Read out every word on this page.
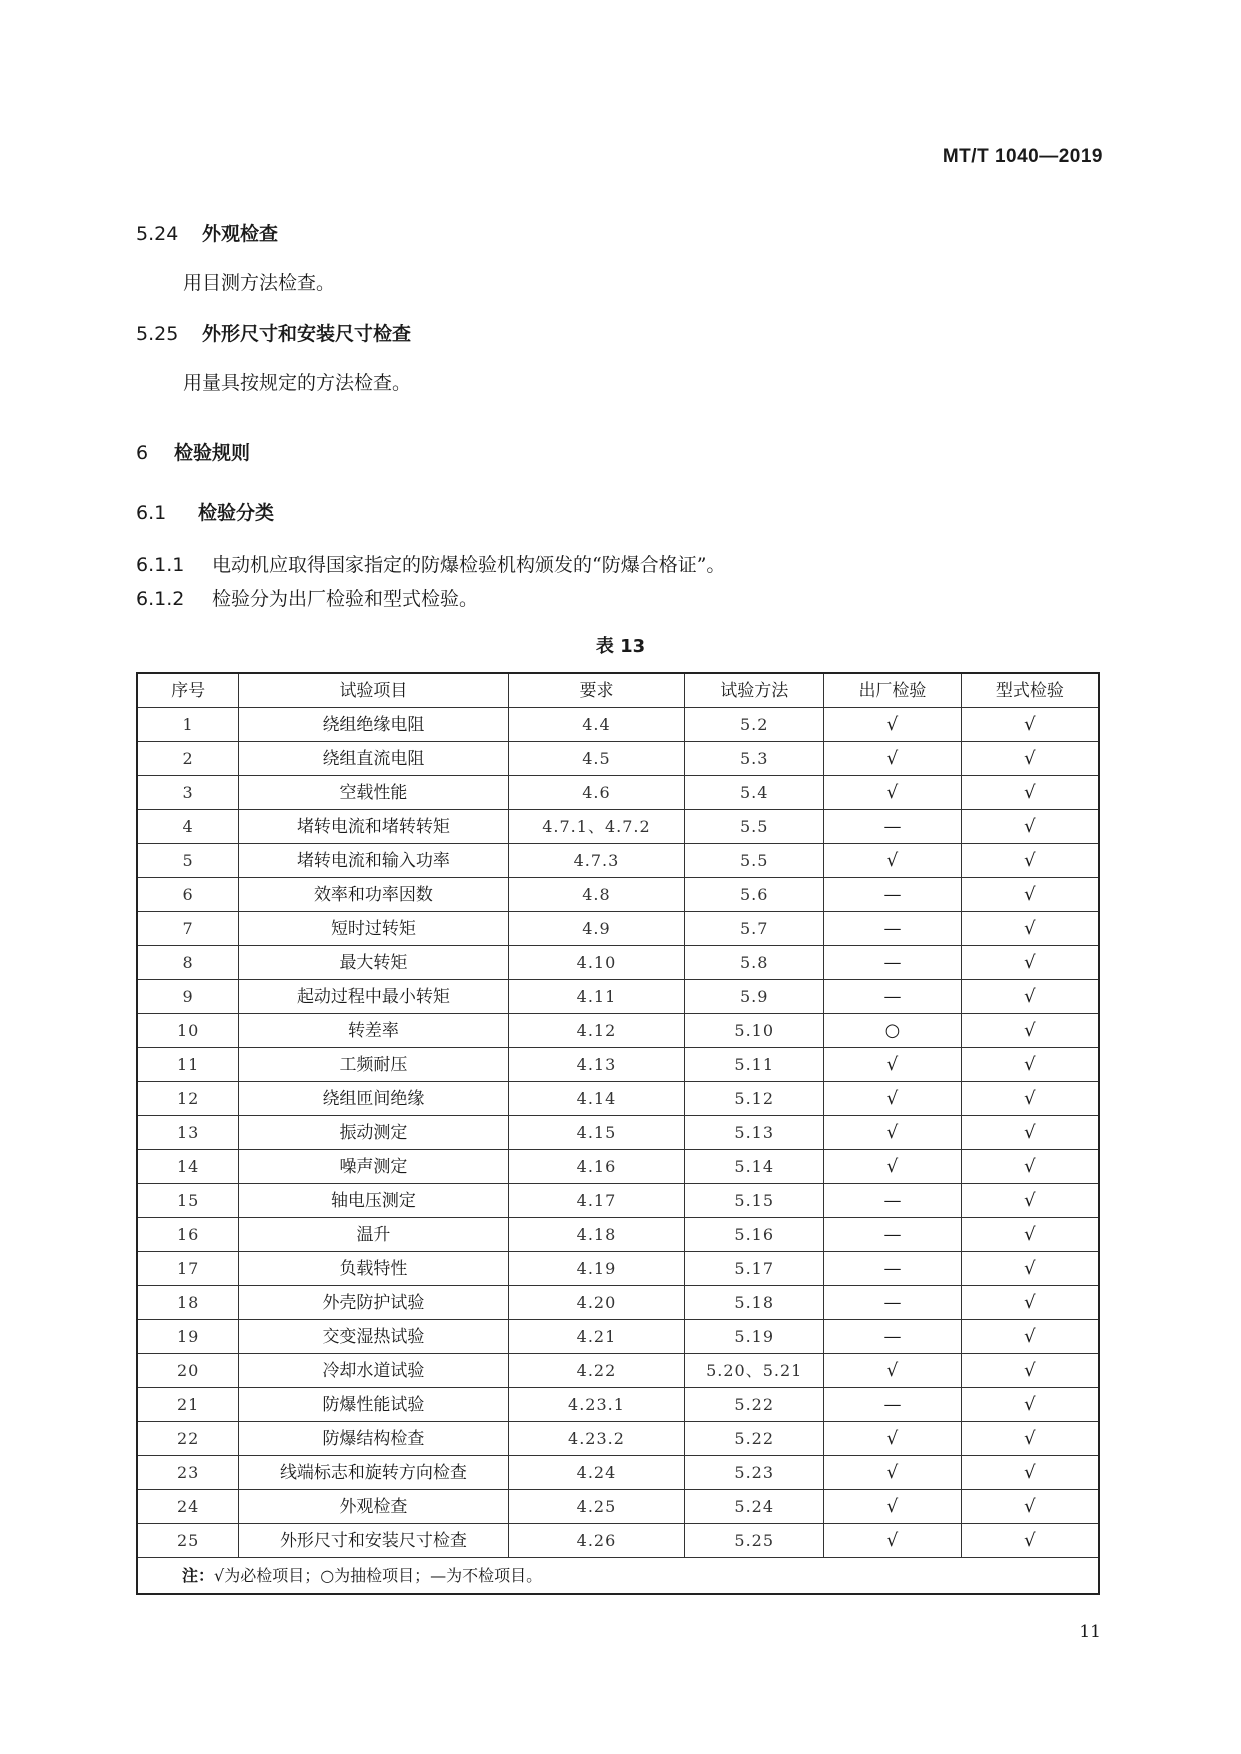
MT/T 1040—2019
5.24 外观检查
用目测方法检查。
5.25 外形尺寸和安装尺寸检查
用量具按规定的方法检查。
6 检验规则
6.1 检验分类
6.1.1 电动机应取得国家指定的防爆检验机构颁发的“防爆合格证”。
6.1.2 检验分为出厂检验和型式检验。
表 13
序号	试验项目	要求	试验方法	出厂检验	型式检验
1	绕组绝缘电阻	4.4	5.2	√	√
2	绕组直流电阻	4.5	5.3	√	√
3	空载性能	4.6	5.4	√	√
4	堵转电流和堵转转矩	4.7.1、4.7.2	5.5	—	√
5	堵转电流和输入功率	4.7.3	5.5	√	√
6	效率和功率因数	4.8	5.6	—	√
7	短时过转矩	4.9	5.7	—	√
8	最大转矩	4.10	5.8	—	√
9	起动过程中最小转矩	4.11	5.9	—	√
10	转差率	4.12	5.10	○	√
11	工频耐压	4.13	5.11	√	√
12	绕组匝间绝缘	4.14	5.12	√	√
13	振动测定	4.15	5.13	√	√
14	噪声测定	4.16	5.14	√	√
15	轴电压测定	4.17	5.15	—	√
16	温升	4.18	5.16	—	√
17	负载特性	4.19	5.17	—	√
18	外壳防护试验	4.20	5.18	—	√
19	交变湿热试验	4.21	5.19	—	√
20	冷却水道试验	4.22	5.20、5.21	√	√
21	防爆性能试验	4.23.1	5.22	—	√
22	防爆结构检查	4.23.2	5.22	√	√
23	线端标志和旋转方向检查	4.24	5.23	√	√
24	外观检查	4.25	5.24	√	√
25	外形尺寸和安装尺寸检查	4.26	5.25	√	√
注：√为必检项目；○为抽检项目；—为不检项目。					
11
